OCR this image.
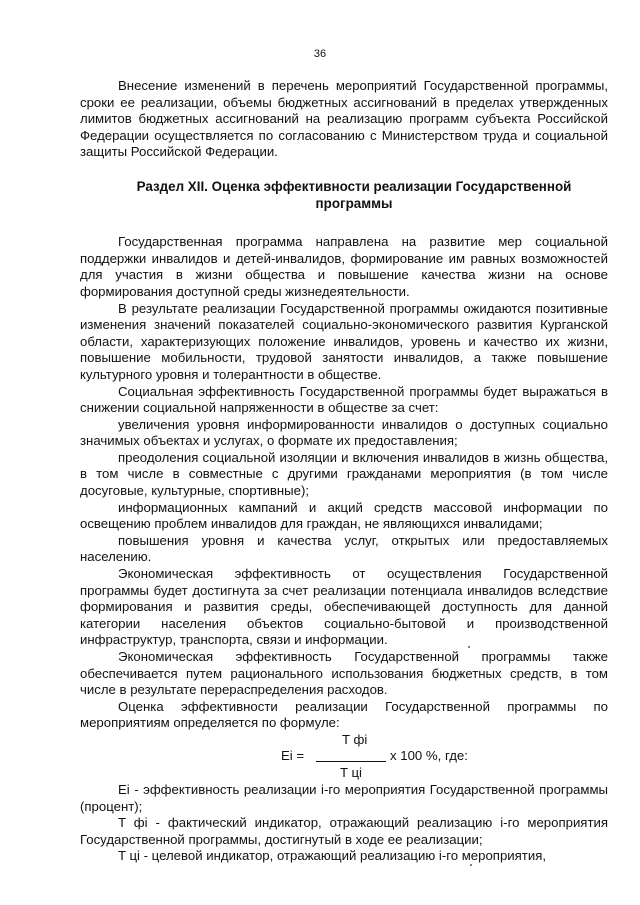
36

Внесение изменений в перечень мероприятий Государственной программы, сроки ее реализации, объемы бюджетных ассигнований в пределах утвержденных лимитов бюджетных ассигнований на реализацию программ субъекта Российской Федерации осуществляется по согласованию с Министерством труда и социальной защиты Российской Федерации.

Раздел XII. Оценка эффективности реализации Государственной
программы

Государственная программа направлена на развитие мер социальной поддержки инвалидов и детей-инвалидов, формирование им равных возможностей для участия в жизни общества и повышение качества жизни на основе формирования доступной среды жизнедеятельности.

В результате реализации Государственной программы ожидаются позитивные изменения значений показателей социально-экономического развития Курганской области, характеризующих положение инвалидов, уровень и качество их жизни, повышение мобильности, трудовой занятости инвалидов, а также повышение культурного уровня и толерантности в обществе.

Социальная эффективность Государственной программы будет выражаться в снижении социальной напряженности в обществе за счет:

увеличения уровня информированности инвалидов о доступных социально значимых объектах и услугах, о формате их предоставления;

преодоления социальной изоляции и включения инвалидов в жизнь общества, в том числе в совместные с другими гражданами мероприятия (в том числе досуговые, культурные, спортивные);

информационных кампаний и акций средств массовой информации по освещению проблем инвалидов для граждан, не являющихся инвалидами;

повышения уровня и качества услуг, открытых или предоставляемых населению.

Экономическая эффективность от осуществления Государственной программы будет достигнута за счет реализации потенциала инвалидов вследствие формирования и развития среды, обеспечивающей доступность для данной категории населения объектов социально-бытовой и производственной инфраструктур, транспорта, связи и информации.

Экономическая эффективность Государственной программы также обеспечивается путем рационального использования бюджетных средств, в том числе в результате перераспределения расходов.

Оценка эффективности реализации Государственной программы по мероприятиям определяется по формуле:

T фi
Ei =	x 100 %, где:
T цi

Ei - эффективность реализации i-го мероприятия Государственной программы (процент);

T фi - фактический индикатор, отражающий реализацию i-го мероприятия Государственной программы, достигнутый в ходе ее реализации;

T цi - целевой индикатор, отражающий реализацию i-го мероприятия,
